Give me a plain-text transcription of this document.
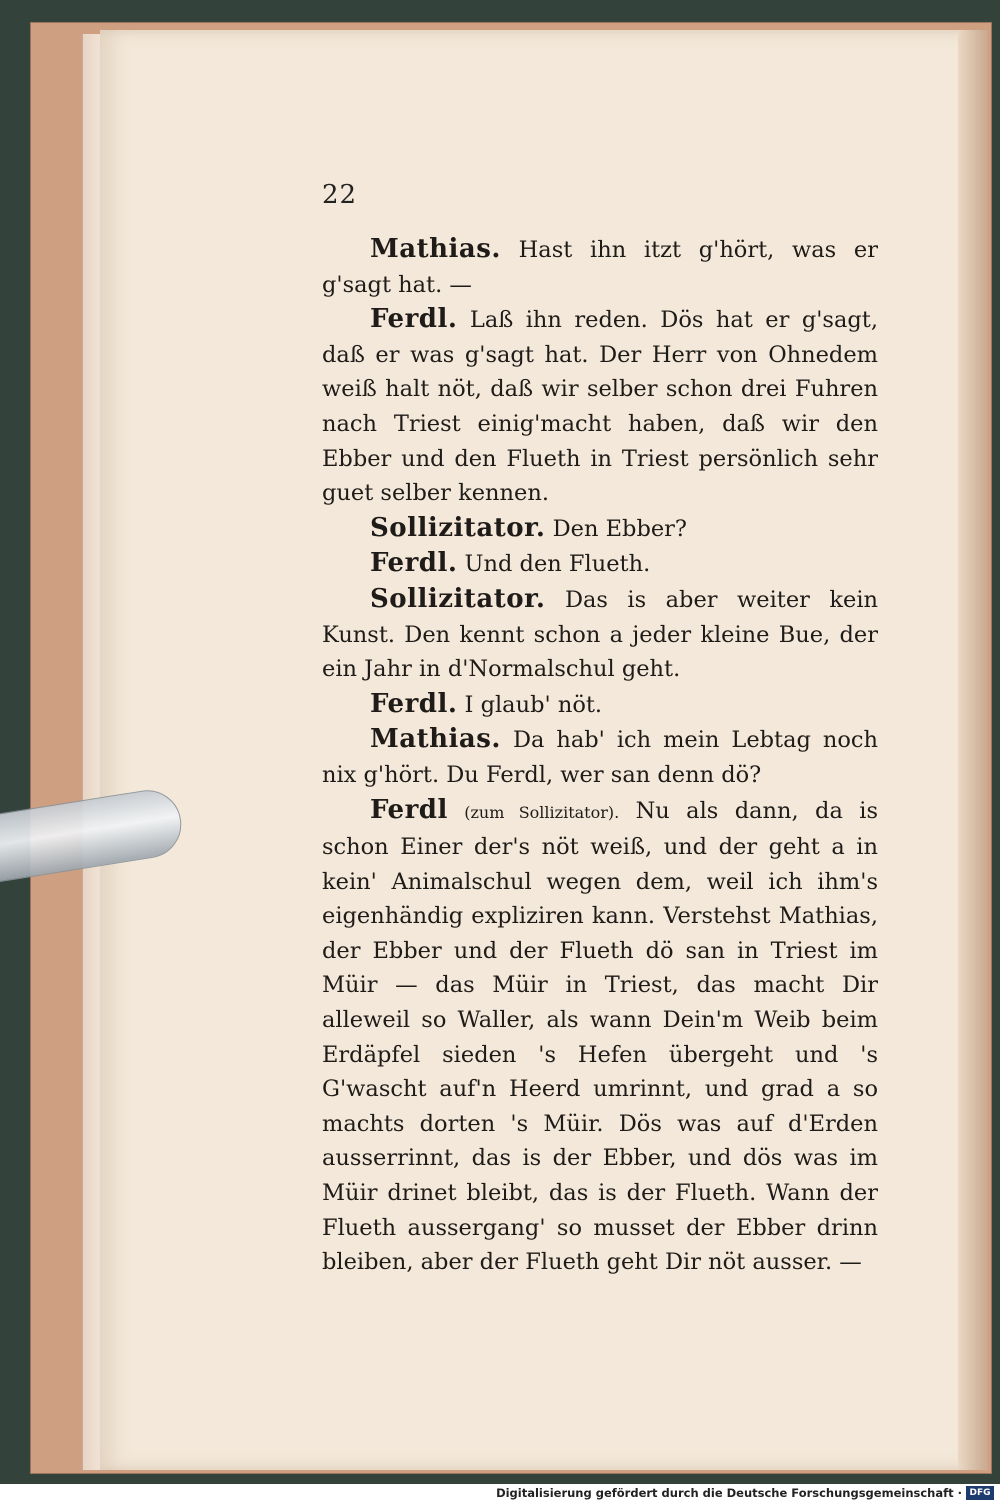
22

Mathias. Hast ihn itzt g'hört, was er g'sagt hat. —

Ferdl. Laß ihn reden. Dös hat er g'sagt, daß er was g'sagt hat. Der Herr von Ohnedem weiß halt nöt, daß wir selber schon drei Fuhren nach Triest einig'macht haben, daß wir den Ebber und den Flueth in Triest persönlich sehr guet selber kennen.

Sollizitator. Den Ebber?

Ferdl. Und den Flueth.

Sollizitator. Das is aber weiter kein Kunst. Den kennt schon a jeder kleine Bue, der ein Jahr in d'Normalschul geht.

Ferdl. I glaub' nöt.

Mathias. Da hab' ich mein Lebtag noch nix g'hört. Du Ferdl, wer san denn dö?

Ferdl (zum Sollizitator). Nu als dann, da is schon Einer der's nöt weiß, und der geht a in kein' Animalschul wegen dem, weil ich ihm's eigenhändig expliziren kann. Verstehst Mathias, der Ebber und der Flueth dö san in Triest im Müir — das Müir in Triest, das macht Dir alleweil so Waller, als wann Dein'm Weib beim Erdäpfel sieden 's Hefen übergeht und 's G'wascht auf'n Heerd umrinnt, und grad a so machts dorten 's Müir. Dös was auf d'Erden ausserrinnt, das is der Ebber, und dös was im Müir drinet bleibt, das is der Flueth. Wann der Flueth aussergang' so musset der Ebber drinn bleiben, aber der Flueth geht Dir nöt ausser. —

Digitalisierung gefördert durch die Deutsche Forschungsgemeinschaft · DFG
